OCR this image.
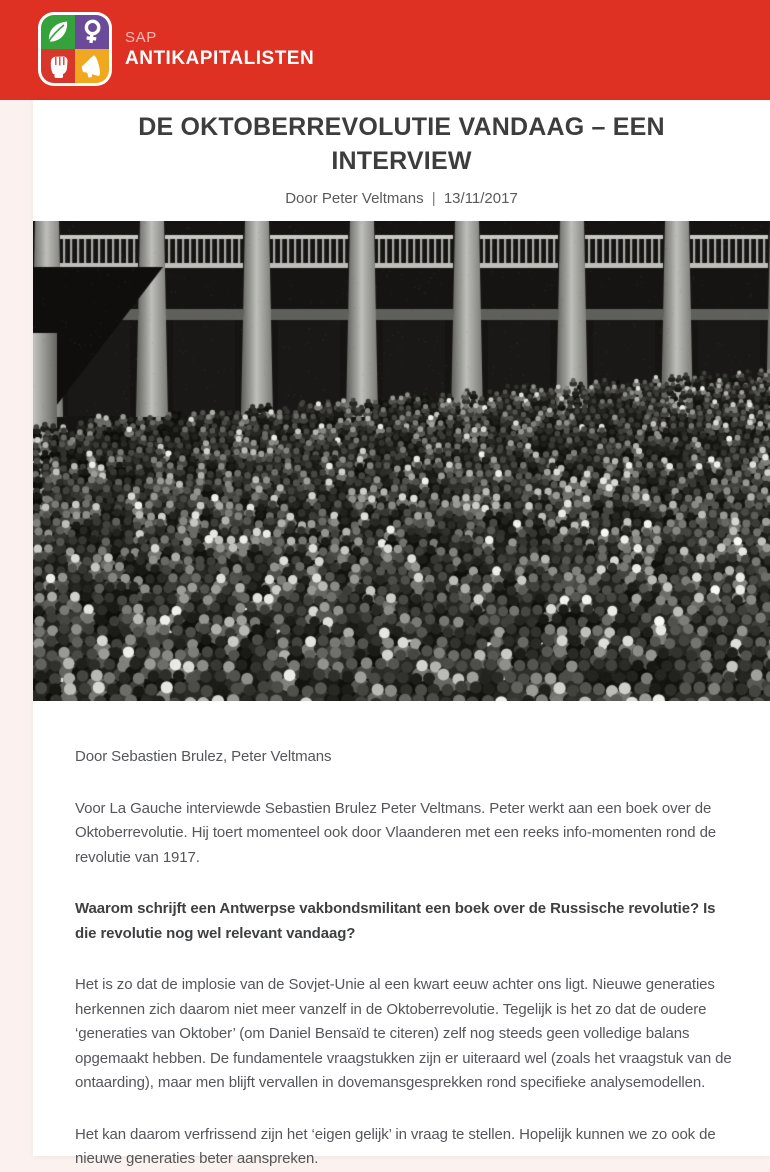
SAP
ANTIKAPITALISTEN
DE OKTOBERREVOLUTIE VANDAAG – EEN INTERVIEW
Door Peter Veltmans | 13/11/2017

Door Sebastien Brulez, Peter Veltmans

Voor La Gauche interviewde Sebastien Brulez Peter Veltmans. Peter werkt aan een boek over de Oktoberrevolutie. Hij toert momenteel ook door Vlaanderen met een reeks info-momenten rond de revolutie van 1917.

Waarom schrijft een Antwerpse vakbondsmilitant een boek over de Russische revolutie? Is die revolutie nog wel relevant vandaag?

Het is zo dat de implosie van de Sovjet-Unie al een kwart eeuw achter ons ligt. Nieuwe generaties herkennen zich daarom niet meer vanzelf in de Oktoberrevolutie. Tegelijk is het zo dat de oudere ‘generaties van Oktober’ (om Daniel Bensaïd te citeren) zelf nog steeds geen volledige balans opgemaakt hebben. De fundamentele vraagstukken zijn er uiteraard wel (zoals het vraagstuk van de ontaarding), maar men blijft vervallen in dovemansgesprekken rond specifieke analysemodellen.

Het kan daarom verfrissend zijn het ‘eigen gelijk’ in vraag te stellen. Hopelijk kunnen we zo ook de nieuwe generaties beter aanspreken.
